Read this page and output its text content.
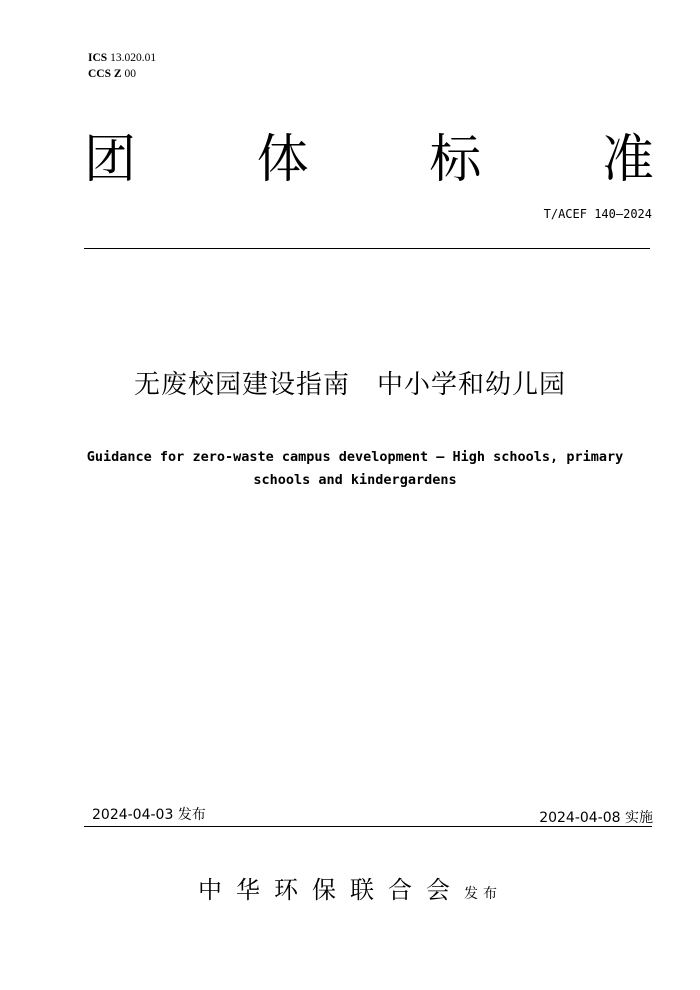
ICS 13.020.01
CCS Z 00
团 体 标 准
T/ACEF 140—2024
无废校园建设指南　中小学和幼儿园
Guidance for zero-waste campus development — High schools, primary
schools and kindergardens
2024-04-03 发布	2024-04-08 实施
中华环保联合会发布
